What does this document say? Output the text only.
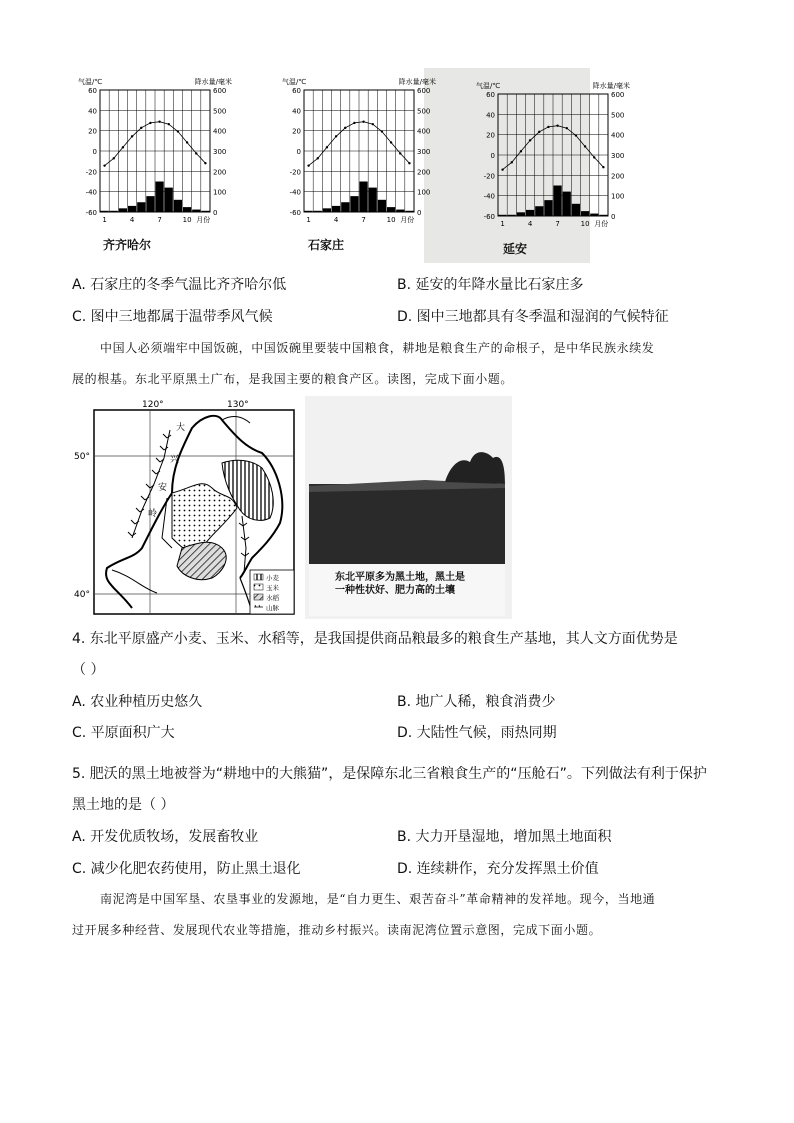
60
40
20
0
-20
-40
-60
600
500
400
300
200
100
0
1	4	7	10 月份
气温/℃	降水量/毫米
60
40
20
0
-20
-40
-60
600
500
400
300
200
100
0
1	4	7	10 月份
气温/℃	降水量/毫米
60
40
20
0
-20
-40
-60
600
500
400
300
200
100
0
1	4	7	10 月份
气温/℃	降水量/毫米
齐齐哈尔	石家庄	延安
A. 石家庄的冬季气温比齐齐哈尔低	B. 延安的年降水量比石家庄多
C. 图中三地都属于温带季风气候	D. 图中三地都具有冬季温和湿润的气候特征
中国人必须端牢中国饭碗，中国饭碗里要装中国粮食，耕地是粮食生产的命根子，是中华民族永续发
展的根基。东北平原黑土广布，是我国主要的粮食产区。读图，完成下面小题。
小麦
玉米
水稻
山脉
120°	130°
50°
40°
大
兴
安
岭
东北平原多为黑土地，黑土是
一种性状好、肥力高的土壤
4. 东北平原盛产小麦、玉米、水稻等，是我国提供商品粮最多的粮食生产基地，其人文方面优势是
（ ）
A. 农业种植历史悠久	B. 地广人稀，粮食消费少
C. 平原面积广大	D. 大陆性气候，雨热同期
5. 肥沃的黑土地被誉为“耕地中的大熊猫”，是保障东北三省粮食生产的“压舱石”。下列做法有利于保护
黑土地的是（ ）
A. 开发优质牧场，发展畜牧业	B. 大力开垦湿地，增加黑土地面积
C. 减少化肥农药使用，防止黑土退化	D. 连续耕作，充分发挥黑土价值
南泥湾是中国军垦、农垦事业的发源地，是“自力更生、艰苦奋斗”革命精神的发祥地。现今，当地通
过开展多种经营、发展现代农业等措施，推动乡村振兴。读南泥湾位置示意图，完成下面小题。
